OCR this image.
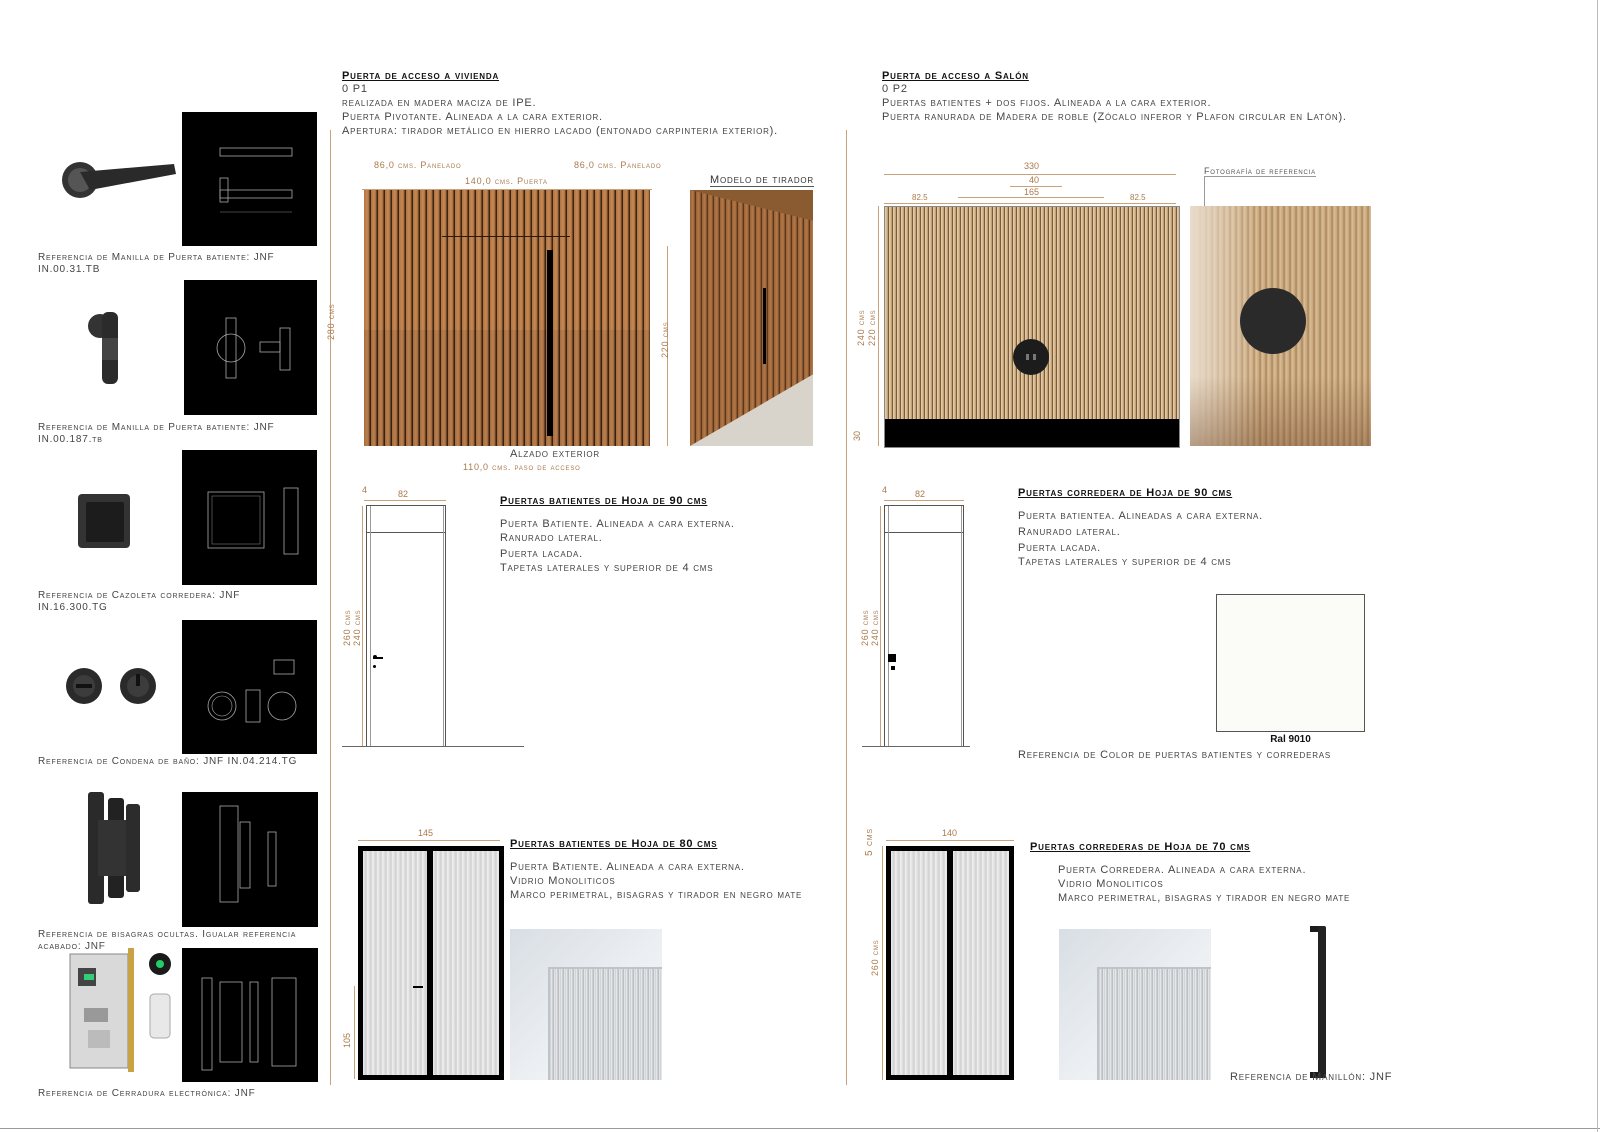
Referencia de Manilla de Puerta batiente: JNF IN.00.31.TB
Referencia de Manilla de Puerta batiente: JNF IN.00.187.tb
Referencia de Cazoleta corredera: JNF IN.16.300.TG
Referencia de Condena de baño: JNF IN.04.214.TG
Referencia de bisagras ocultas. Igualar referencia acabado: JNF
Referencia de Cerradura electrónica: JNF
Puerta de acceso a vivienda
0 P1
realizada en madera maciza de IPE.
Puerta Pivotante. Alineada a la cara exterior.
Apertura: tirador metálico en hierro lacado (entonado carpinteria exterior).
86,0 cms. Panelado	86,0 cms. Panelado
140,0 cms. Puerta
280 cms	220 cms
Modelo de tirador
Alzado exterior
110,0 cms. paso de acceso
Puerta de acceso a Salón
0 P2
Puertas batientes + dos fijos. Alineada a la cara exterior.
Puerta ranurada de Madera de roble (Zócalo inferor y Plafon circular en Latón).
330
40
165
82.5	82.5
240 cms 220 cms
30
Fotografía de referencia
4	82
260 cms 240 cms
Puertas batientes de Hoja de 90 cms
Puerta Batiente. Alineada a cara externa.
Ranurado lateral.
Puerta lacada.
Tapetas laterales y superior de 4 cms
4	82
260 cms 240 cms
Puertas corredera de Hoja de 90 cms
Puerta batientea. Alineadas a cara externa.
Ranurado lateral.
Puerta lacada.
Tapetas laterales y superior de 4 cms
Ral 9010
Referencia de Color de puertas batientes y correderas
145
105
Puertas batientes de Hoja de 80 cms
Puerta Batiente. Alineada a cara externa.
Vidrio Monoliticos
Marco perimetral, bisagras y tirador en negro mate
140
5 cms
260 cms
Puertas correderas de Hoja de 70 cms
Puerta Corredera. Alineada a cara externa.
Vidrio Monoliticos
Marco perimetral, bisagras y tirador en negro mate
Referencia de Manillón: JNF
